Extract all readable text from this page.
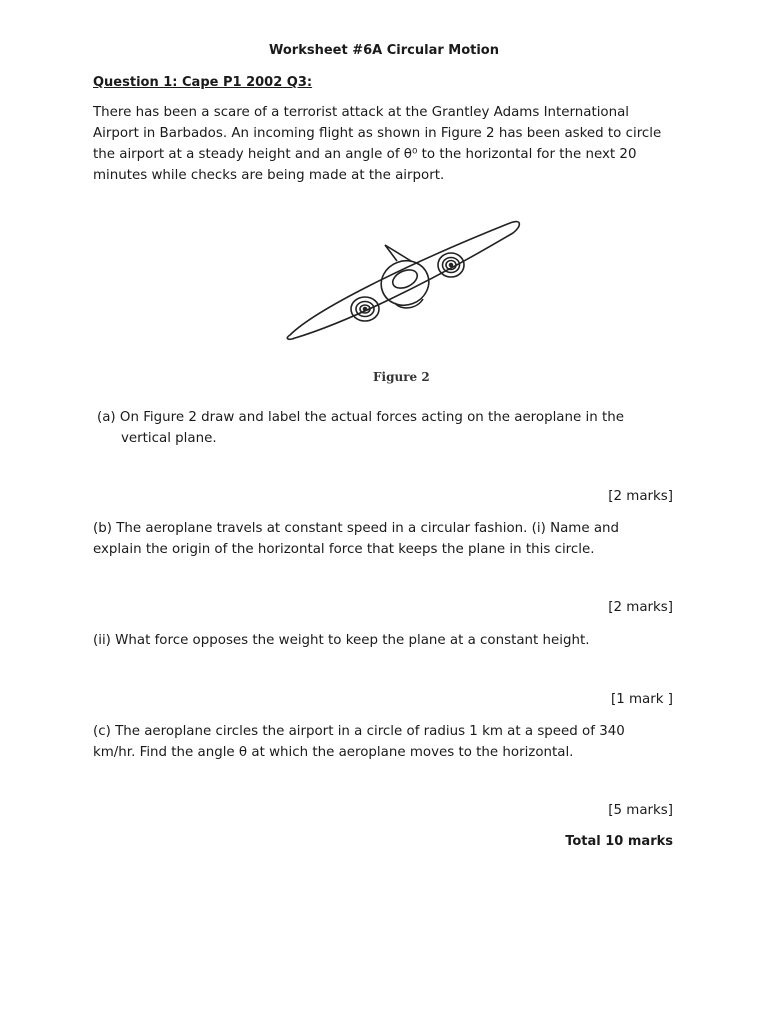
Worksheet #6A Circular Motion
Question 1: Cape P1 2002 Q3:
There has been a scare of a terrorist attack at the Grantley Adams International
Airport in Barbados. An incoming flight as shown in Figure 2 has been asked to circle
the airport at a steady height and an angle of θ⁰ to the horizontal for the next 20
minutes while checks are being made at the airport.
Figure 2
(a) On Figure 2 draw and label the actual forces acting on the aeroplane in the
vertical plane.
[2 marks]
(b) The aeroplane travels at constant speed in a circular fashion. (i) Name and
explain the origin of the horizontal force that keeps the plane in this circle.
[2 marks]
(ii) What force opposes the weight to keep the plane at a constant height.
[1 mark ]
(c) The aeroplane circles the airport in a circle of radius 1 km at a speed of 340
km/hr. Find the angle θ at which the aeroplane moves to the horizontal.
[5 marks]
Total 10 marks
